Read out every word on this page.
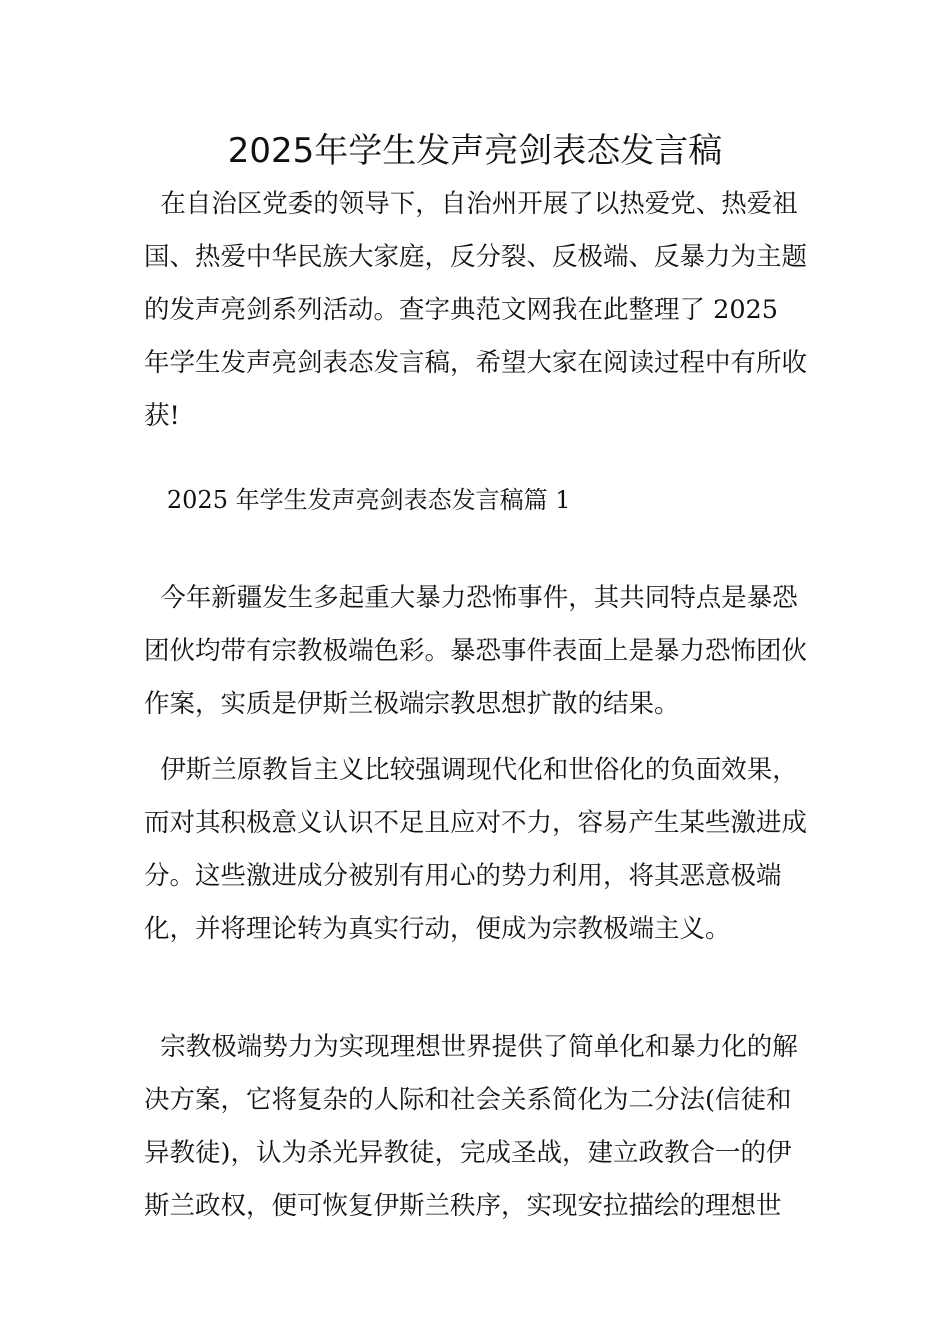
2025年学生发声亮剑表态发言稿

在自治区党委的领导下，自治州开展了以热爱党、热爱祖国、热爱中华民族大家庭，反分裂、反极端、反暴力为主题的发声亮剑系列活动。查字典范文网我在此整理了 2025 年学生发声亮剑表态发言稿，希望大家在阅读过程中有所收获!

2025 年学生发声亮剑表态发言稿篇 1

今年新疆发生多起重大暴力恐怖事件，其共同特点是暴恐团伙均带有宗教极端色彩。暴恐事件表面上是暴力恐怖团伙作案，实质是伊斯兰极端宗教思想扩散的结果。

伊斯兰原教旨主义比较强调现代化和世俗化的负面效果，而对其积极意义认识不足且应对不力，容易产生某些激进成分。这些激进成分被别有用心的势力利用，将其恶意极端化，并将理论转为真实行动，便成为宗教极端主义。

宗教极端势力为实现理想世界提供了简单化和暴力化的解决方案，它将复杂的人际和社会关系简化为二分法(信徒和异教徒)，认为杀光异教徒，完成圣战，建立政教合一的伊斯兰政权，便可恢复伊斯兰秩序，实现安拉描绘的理想世
